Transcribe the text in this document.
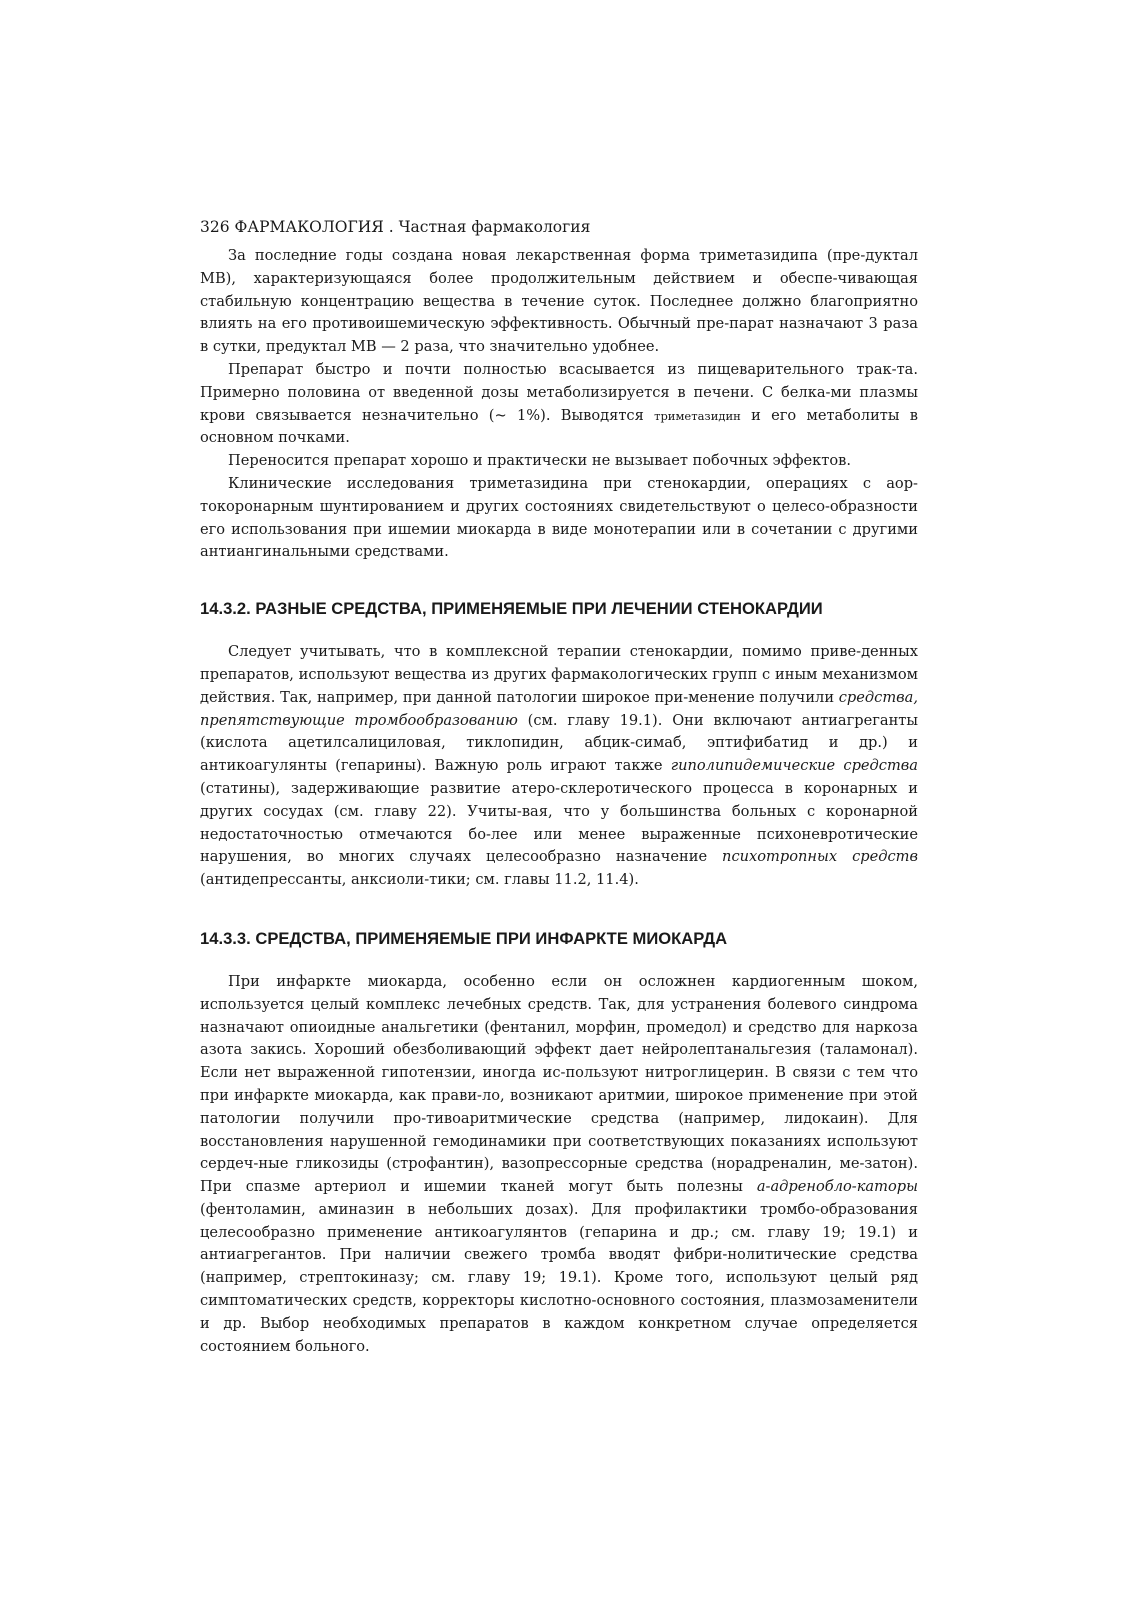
326 ФАРМАКОЛОГИЯ . Частная фармакология

За последние годы создана новая лекарственная форма триметазидипа (пре-дуктал МВ), характеризующаяся более продолжительным действием и обеспе-чивающая стабильную концентрацию вещества в течение суток. Последнее должно благоприятно влиять на его противоишемическую эффективность. Обычный пре-парат назначают 3 раза в сутки, предуктал МВ — 2 раза, что значительно удобнее.

Препарат быстро и почти полностью всасывается из пищеварительного трак-та. Примерно половина от введенной дозы метаболизируется в печени. С белка-ми плазмы крови связывается незначительно (~ 1%). Выводятся триметазидин и его метаболиты в основном почками.

Переносится препарат хорошо и практически не вызывает побочных эффектов.

Клинические исследования триметазидина при стенокардии, операциях с аор-токоронарным шунтированием и других состояниях свидетельствуют о целесо-образности его использования при ишемии миокарда в виде монотерапии или в сочетании с другими антиангинальными средствами.

14.3.2. РАЗНЫЕ СРЕДСТВА, ПРИМЕНЯЕМЫЕ ПРИ ЛЕЧЕНИИ СТЕНОКАРДИИ

Следует учитывать, что в комплексной терапии стенокардии, помимо приве-денных препаратов, используют вещества из других фармакологических групп с иным механизмом действия. Так, например, при данной патологии широкое при-менение получили средства, препятствующие тромбообразованию (см. главу 19.1). Они включают антиагреганты (кислота ацетилсалициловая, тиклопидин, абцик-симаб, эптифибатид и др.) и антикоагулянты (гепарины). Важную роль играют также гиполипидемические средства (статины), задерживающие развитие атеро-склеротического процесса в коронарных и других сосудах (см. главу 22). Учиты-вая, что у большинства больных с коронарной недостаточностью отмечаются бо-лее или менее выраженные психоневротические нарушения, во многих случаях целесообразно назначение психотропных средств (антидепрессанты, анксиоли-тики; см. главы 11.2, 11.4).

14.3.3. СРЕДСТВА, ПРИМЕНЯЕМЫЕ ПРИ ИНФАРКТЕ МИОКАРДА

При инфаркте миокарда, особенно если он осложнен кардиогенным шоком, используется целый комплекс лечебных средств. Так, для устранения болевого синдрома назначают опиоидные анальгетики (фентанил, морфин, промедол) и средство для наркоза азота закись. Хороший обезболивающий эффект дает нейролептанальгезия (таламонал). Если нет выраженной гипотензии, иногда ис-пользуют нитроглицерин. В связи с тем что при инфаркте миокарда, как прави-ло, возникают аритмии, широкое применение при этой патологии получили про-тивоаритмические средства (например, лидокаин). Для восстановления нарушенной гемодинамики при соответствующих показаниях используют сердеч-ные гликозиды (строфантин), вазопрессорные средства (норадреналин, ме-затон). При спазме артериол и ишемии тканей могут быть полезны а-адренобло-каторы (фентоламин, аминазин в небольших дозах). Для профилактики тромбо-образования целесообразно применение антикоагулянтов (гепарина и др.; см. главу 19; 19.1) и антиагрегантов. При наличии свежего тромба вводят фибри-нолитические средства (например, стрептокиназу; см. главу 19; 19.1). Кроме того, используют целый ряд симптоматических средств, корректоры кислотно-основного состояния, плазмозаменители и др. Выбор необходимых препаратов в каждом конкретном случае определяется состоянием больного.
